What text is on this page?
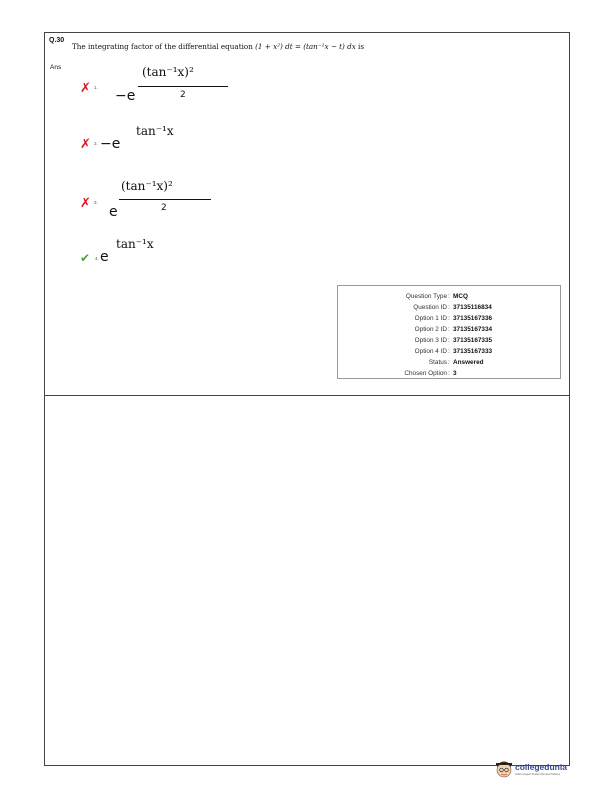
Q.30
The integrating factor of the differential equation (1 + x²) dt = (tan⁻¹x − t) dx is
Ans
✗ 1.
−e
(tan⁻¹x)²
2
✗ 2. −e
tan⁻¹x
✗ 3.
e
(tan⁻¹x)²
2
✔ 4. e
tan⁻¹x
Question Type : MCQ
Question ID : 37135116834
Option 1 ID : 37135167336
Option 2 ID : 37135167334
Option 3 ID : 37135167335
Option 4 ID : 37135167333
Status : Answered
Chosen Option : 3
collegedunia
India's largest Student Review Platform
